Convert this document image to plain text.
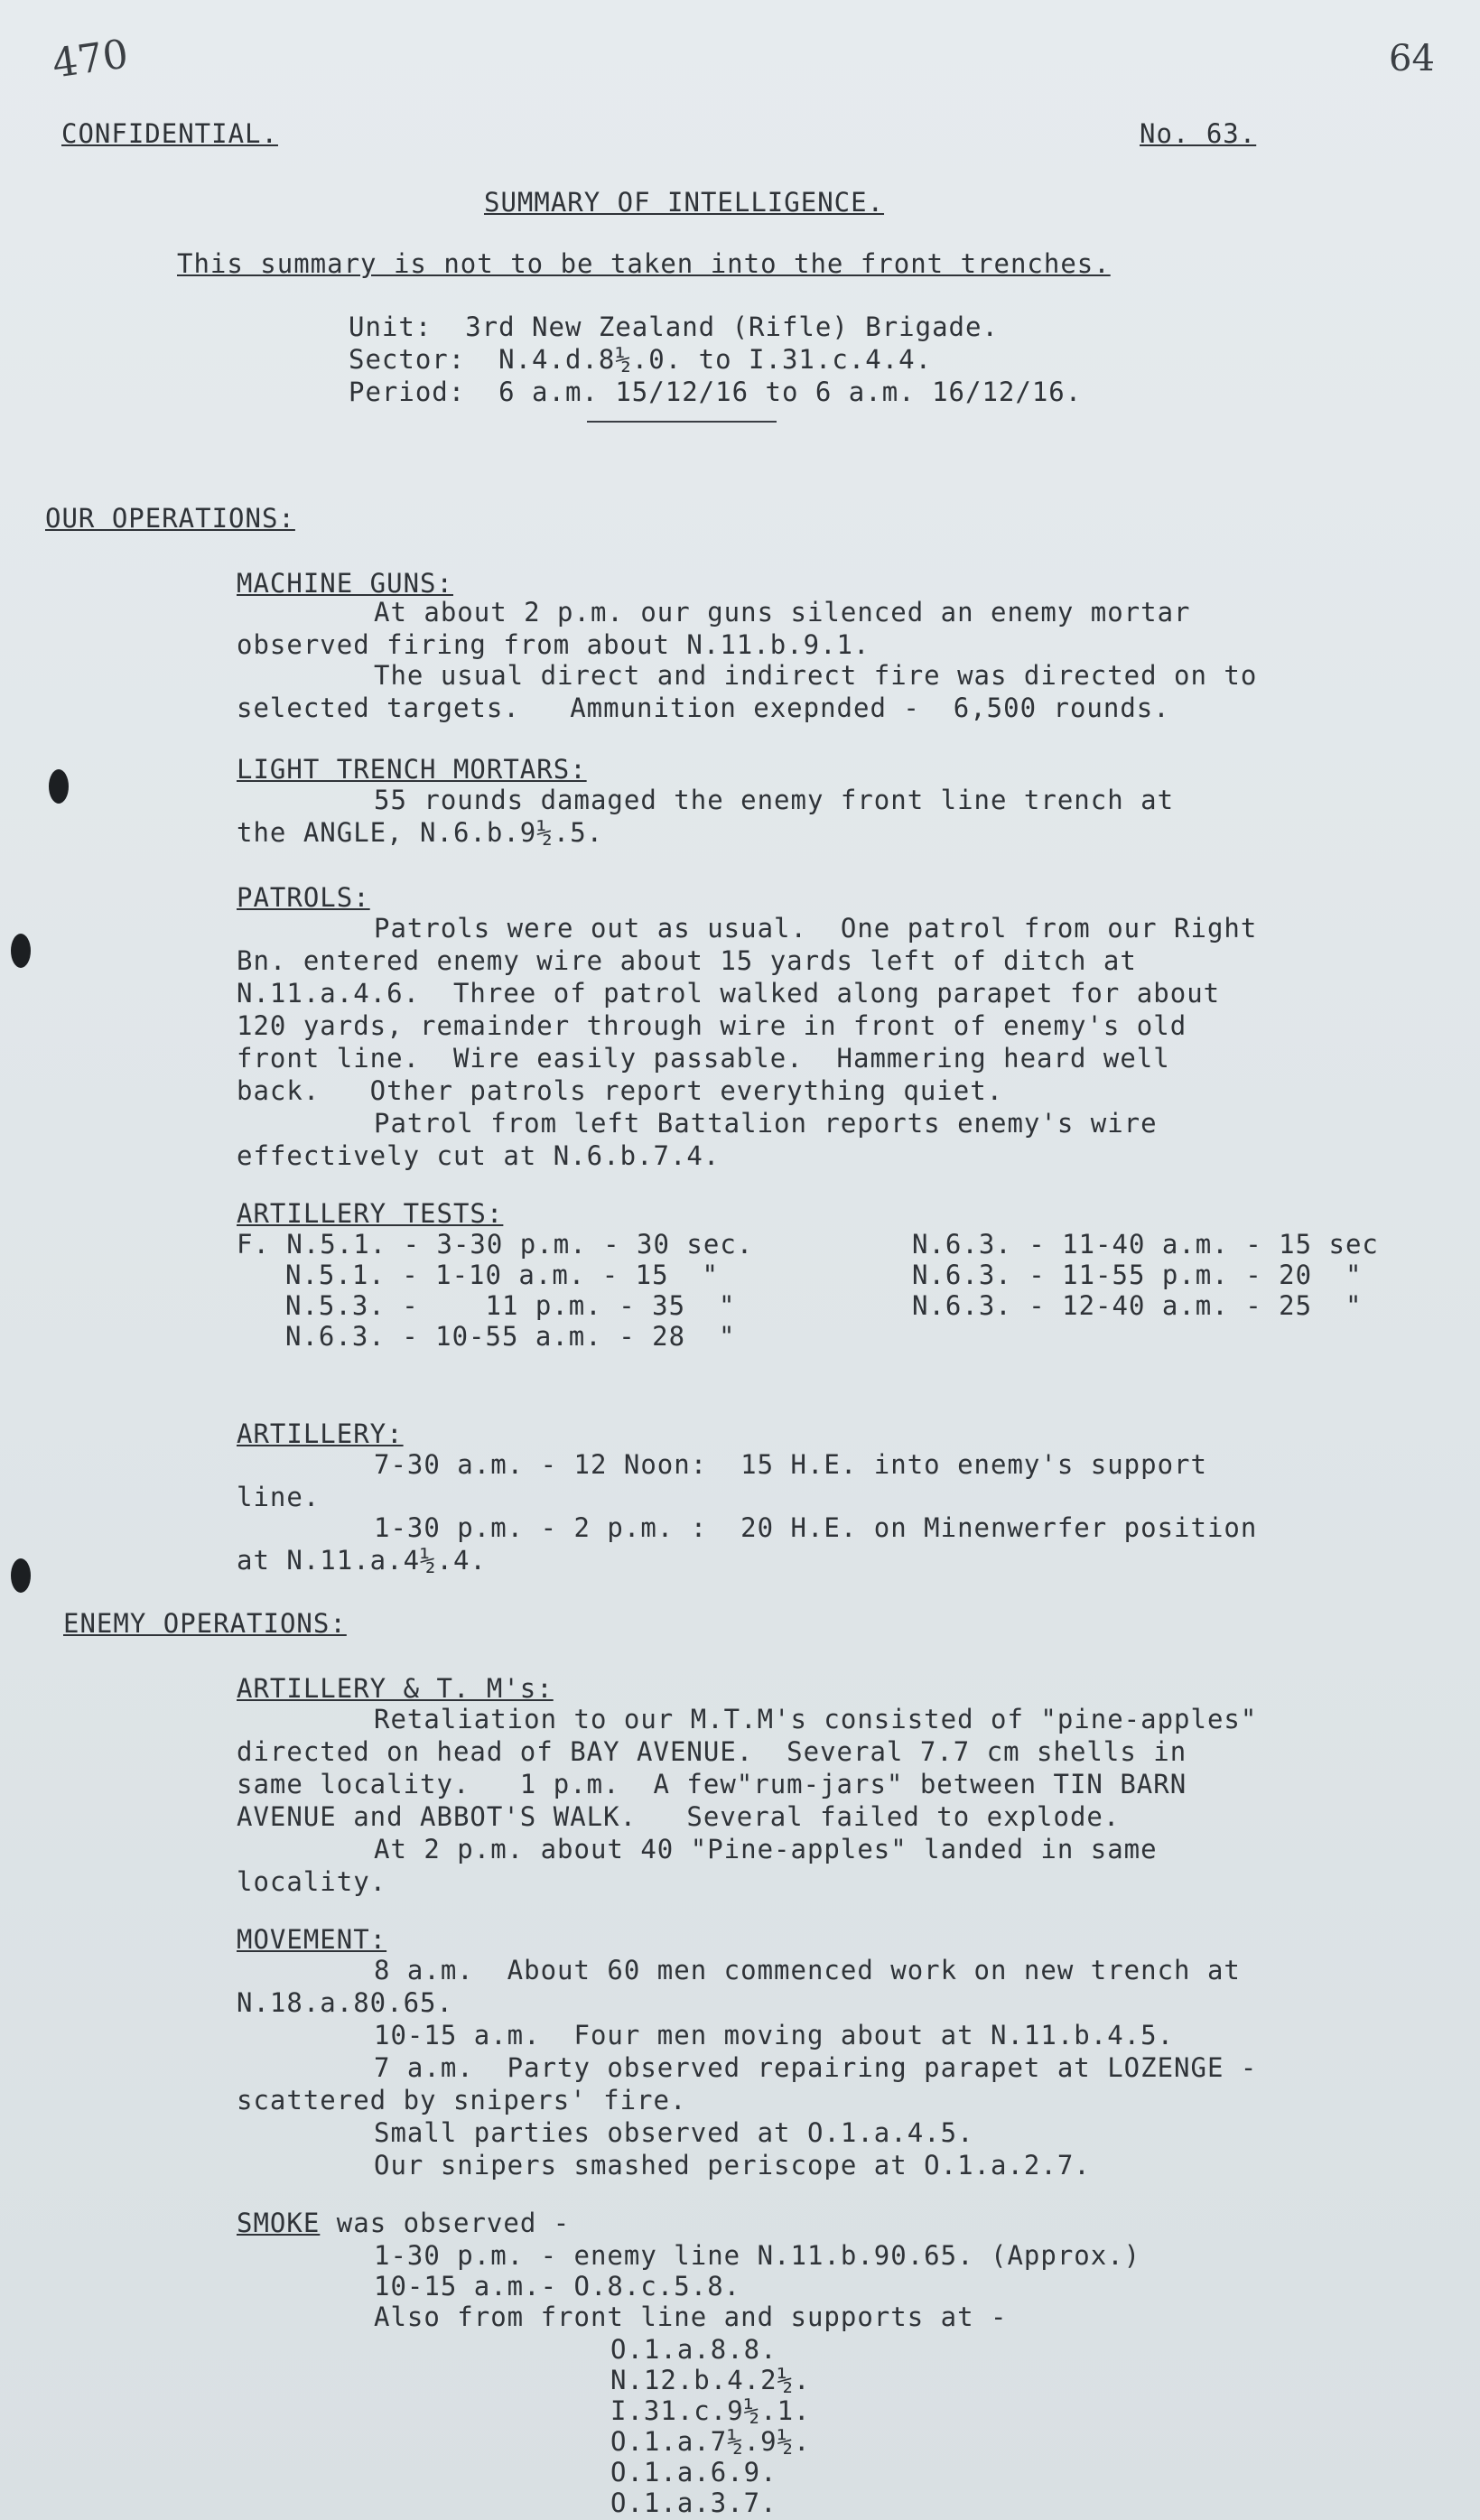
470	64
CONFIDENTIAL.	No. 63.
SUMMARY OF INTELLIGENCE.
This summary is not to be taken into the front trenches.
Unit:  3rd New Zealand (Rifle) Brigade.
Sector:  N.4.d.8½.0. to I.31.c.4.4.
Period:  6 a.m. 15/12/16 to 6 a.m. 16/12/16.
OUR OPERATIONS:
MACHINE GUNS:
At about 2 p.m. our guns silenced an enemy mortar
observed firing from about N.11.b.9.1.
The usual direct and indirect fire was directed on to
selected targets.   Ammunition exepnded -  6,500 rounds.
LIGHT TRENCH MORTARS:
55 rounds damaged the enemy front line trench at
the ANGLE, N.6.b.9½.5.
PATROLS:
Patrols were out as usual.  One patrol from our Right
Bn. entered enemy wire about 15 yards left of ditch at
N.11.a.4.6.  Three of patrol walked along parapet for about
120 yards, remainder through wire in front of enemy's old
front line.  Wire easily passable.  Hammering heard well
back.   Other patrols report everything quiet.
Patrol from left Battalion reports enemy's wire
effectively cut at N.6.b.7.4.
ARTILLERY TESTS:
F. N.5.1. - 3-30 p.m. - 30 sec.
N.5.1. - 1-10 a.m. - 15  "
N.5.3. -    11 p.m. - 35  "
N.6.3. - 10-55 a.m. - 28  "
N.6.3. - 11-40 a.m. - 15 sec
N.6.3. - 11-55 p.m. - 20  "
N.6.3. - 12-40 a.m. - 25  "
ARTILLERY:
7-30 a.m. - 12 Noon:  15 H.E. into enemy's support
line.
1-30 p.m. - 2 p.m. :  20 H.E. on Minenwerfer position
at N.11.a.4½.4.
ENEMY OPERATIONS:
ARTILLERY & T. M's:
Retaliation to our M.T.M's consisted of "pine-apples"
directed on head of BAY AVENUE.  Several 7.7 cm shells in
same locality.   1 p.m.  A few"rum-jars" between TIN BARN
AVENUE and ABBOT'S WALK.   Several failed to explode.
At 2 p.m. about 40 "Pine-apples" landed in same
locality.
MOVEMENT:
8 a.m.  About 60 men commenced work on new trench at
N.18.a.80.65.
10-15 a.m.  Four men moving about at N.11.b.4.5.
7 a.m.  Party observed repairing parapet at LOZENGE -
scattered by snipers' fire.
Small parties observed at O.1.a.4.5.
Our snipers smashed periscope at O.1.a.2.7.
SMOKE was observed -
1-30 p.m. - enemy line N.11.b.90.65. (Approx.)
10-15 a.m.- O.8.c.5.8.
Also from front line and supports at -
O.1.a.8.8.
N.12.b.4.2½.
I.31.c.9½.1.
O.1.a.7½.9½.
O.1.a.6.9.
O.1.a.3.7.
